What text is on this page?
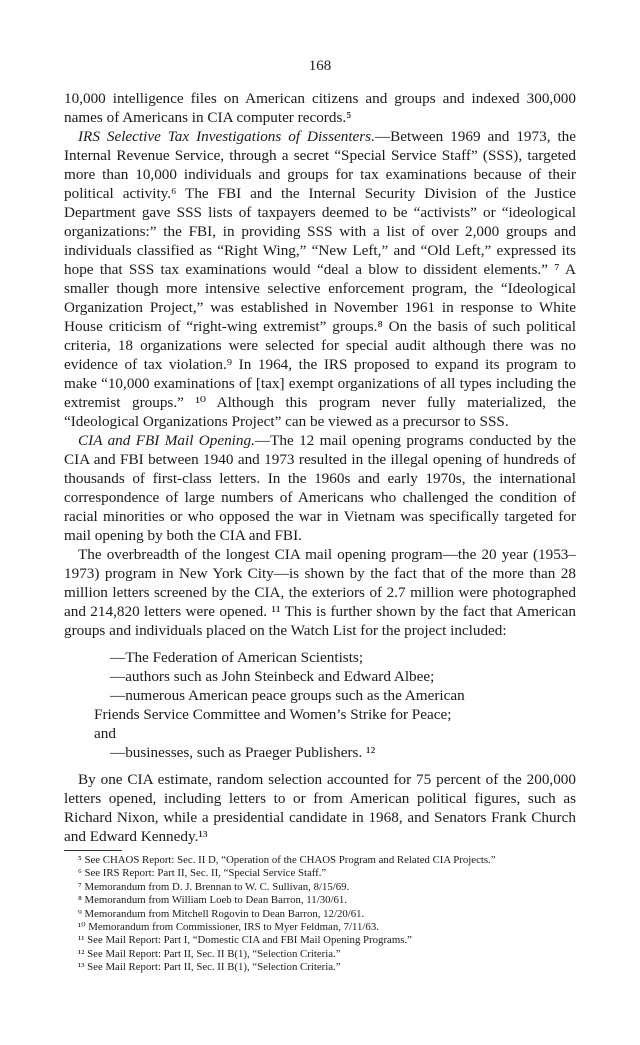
168

10,000 intelligence files on American citizens and groups and indexed 300,000 names of Americans in CIA computer records.⁵

IRS Selective Tax Investigations of Dissenters.—Between 1969 and 1973, the Internal Revenue Service, through a secret “Special Service Staff” (SSS), targeted more than 10,000 individuals and groups for tax examinations because of their political activity.⁶ The FBI and the Internal Security Division of the Justice Department gave SSS lists of taxpayers deemed to be “activists” or “ideological organizations:” the FBI, in providing SSS with a list of over 2,000 groups and individuals classified as “Right Wing,” “New Left,” and “Old Left,” expressed its hope that SSS tax examinations would “deal a blow to dissident elements.” ⁷ A smaller though more intensive selective enforcement program, the “Ideological Organization Project,” was established in November 1961 in response to White House criticism of “right-wing extremist” groups.⁸ On the basis of such political criteria, 18 organizations were selected for special audit although there was no evidence of tax violation.⁹ In 1964, the IRS proposed to expand its program to make “10,000 examinations of [tax] exempt organizations of all types including the extremist groups.” ¹⁰ Although this program never fully materialized, the “Ideological Organizations Project” can be viewed as a precursor to SSS.

CIA and FBI Mail Opening.—The 12 mail opening programs conducted by the CIA and FBI between 1940 and 1973 resulted in the illegal opening of hundreds of thousands of first-class letters. In the 1960s and early 1970s, the international correspondence of large numbers of Americans who challenged the condition of racial minorities or who opposed the war in Vietnam was specifically targeted for mail opening by both the CIA and FBI.

The overbreadth of the longest CIA mail opening program—the 20 year (1953–1973) program in New York City—is shown by the fact that of the more than 28 million letters screened by the CIA, the exteriors of 2.7 million were photographed and 214,820 letters were opened. ¹¹ This is further shown by the fact that American groups and individuals placed on the Watch List for the project included:

—The Federation of American Scientists;
—authors such as John Steinbeck and Edward Albee;
—numerous American peace groups such as the American
Friends Service Committee and Women’s Strike for Peace;
and
—businesses, such as Praeger Publishers. ¹²

By one CIA estimate, random selection accounted for 75 percent of the 200,000 letters opened, including letters to or from American political figures, such as Richard Nixon, while a presidential candidate in 1968, and Senators Frank Church and Edward Kennedy.¹³

⁵ See CHAOS Report: Sec. II D, “Operation of the CHAOS Program and Related CIA Projects.”
⁶ See IRS Report: Part II, Sec. II, “Special Service Staff.”
⁷ Memorandum from D. J. Brennan to W. C. Sullivan, 8/15/69.
⁸ Memorandum from William Loeb to Dean Barron, 11/30/61.
⁹ Memorandum from Mitchell Rogovin to Dean Barron, 12/20/61.
¹⁰ Memorandum from Commissioner, IRS to Myer Feldman, 7/11/63.
¹¹ See Mail Report: Part I, “Domestic CIA and FBI Mail Opening Programs.”
¹² See Mail Report: Part II, Sec. II B(1), “Selection Criteria.”
¹³ See Mail Report: Part II, Sec. II B(1), “Selection Criteria.”
